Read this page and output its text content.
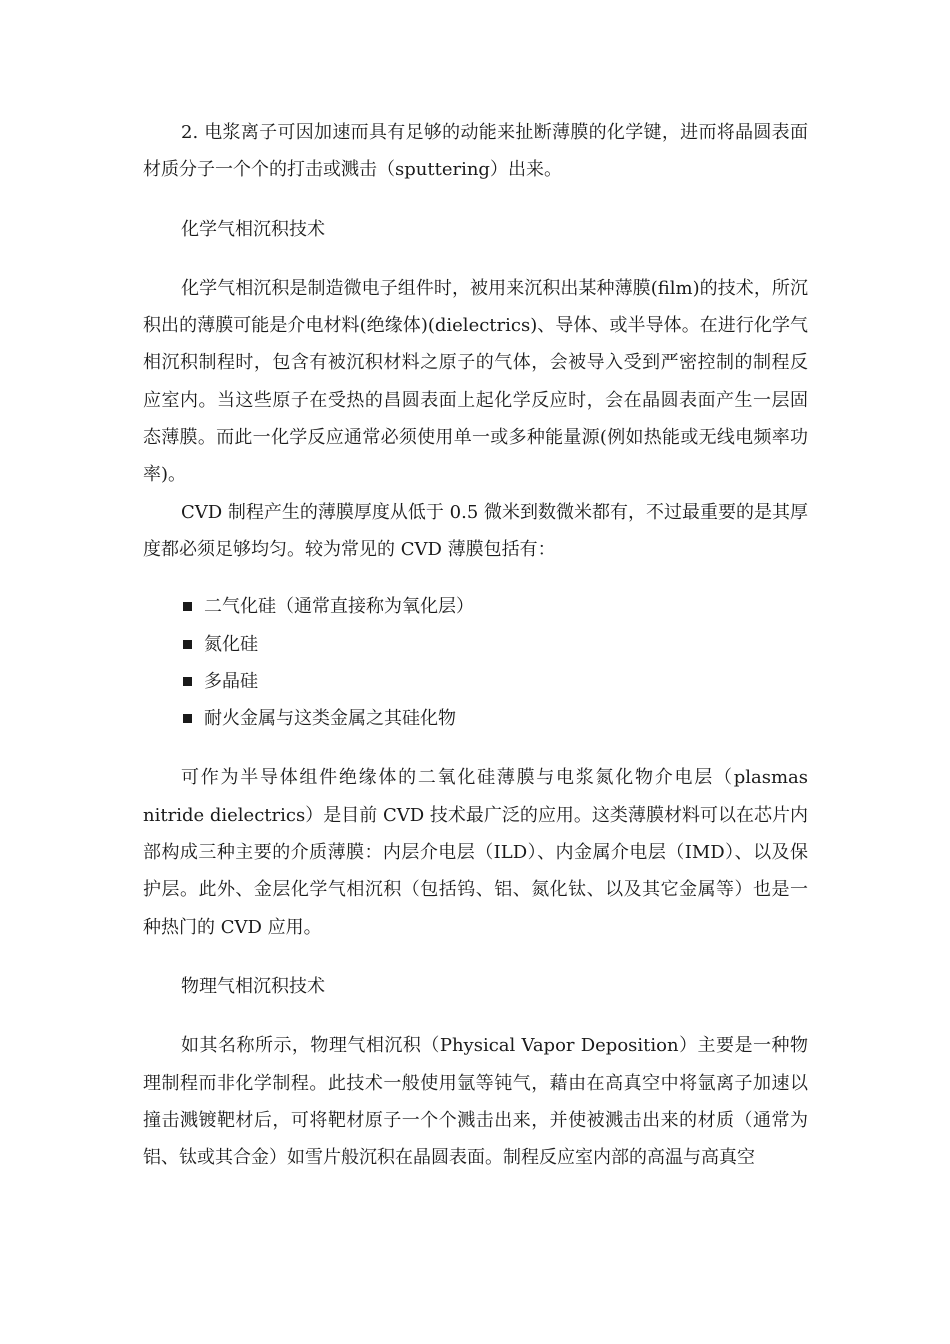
2. 电浆离子可因加速而具有足够的动能来扯断薄膜的化学键，进而将晶圆表面材质分子一个个的打击或溅击（sputtering）出来。

化学气相沉积技术

化学气相沉积是制造微电子组件时，被用来沉积出某种薄膜(film)的技术，所沉积出的薄膜可能是介电材料(绝缘体)(dielectrics)、导体、或半导体。在进行化学气相沉积制程时，包含有被沉积材料之原子的气体，会被导入受到严密控制的制程反应室内。当这些原子在受热的昌圆表面上起化学反应时，会在晶圆表面产生一层固态薄膜。而此一化学反应通常必须使用单一或多种能量源(例如热能或无线电频率功率)。

CVD 制程产生的薄膜厚度从低于 0.5 微米到数微米都有，不过最重要的是其厚度都必须足够均匀。较为常见的 CVD 薄膜包括有：

二气化硅（通常直接称为氧化层）
氮化硅
多晶硅
耐火金属与这类金属之其硅化物

可作为半导体组件绝缘体的二氧化硅薄膜与电浆氮化物介电层（plasmas nitride dielectrics）是目前 CVD 技术最广泛的应用。这类薄膜材料可以在芯片内部构成三种主要的介质薄膜：内层介电层（ILD）、内金属介电层（IMD）、以及保护层。此外、金层化学气相沉积（包括钨、铝、氮化钛、以及其它金属等）也是一种热门的 CVD 应用。

物理气相沉积技术

如其名称所示，物理气相沉积（Physical Vapor Deposition）主要是一种物理制程而非化学制程。此技术一般使用氩等钝气，藉由在高真空中将氩离子加速以撞击溅镀靶材后，可将靶材原子一个个溅击出来，并使被溅击出来的材质（通常为铝、钛或其合金）如雪片般沉积在晶圆表面。制程反应室内部的高温与高真空
